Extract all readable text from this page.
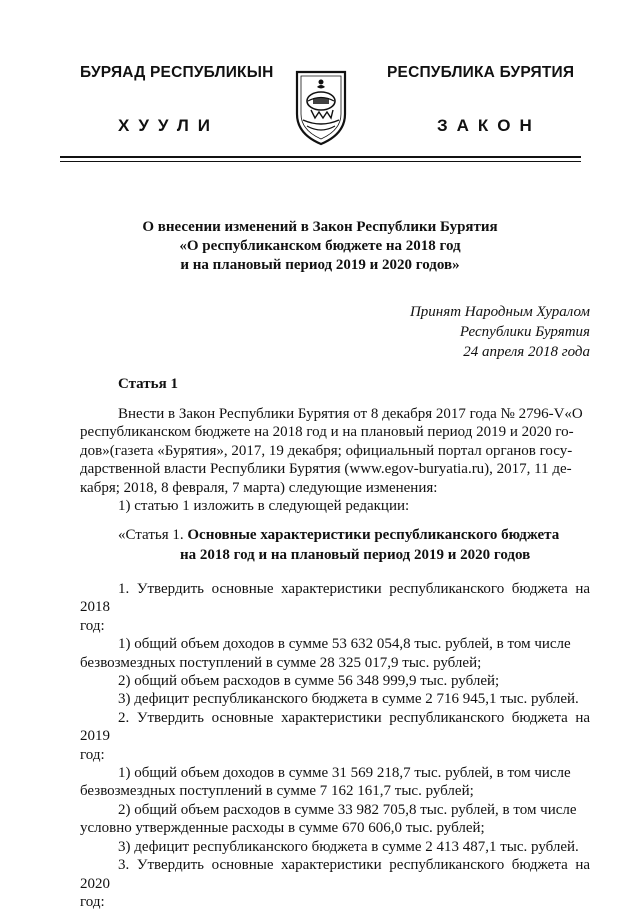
БУРЯАД РЕСПУБЛИКЫН
ХУУЛИ
РЕСПУБЛИКА БУРЯТИЯ
ЗАКОН
О внесении изменений в Закон Республики Бурятия
«О республиканском бюджете на 2018 год
и на плановый период 2019 и 2020 годов»
Принят Народным Хуралом
Республики Бурятия
24 апреля 2018 года
Статья 1

Внести в Закон Республики Бурятия от 8 декабря 2017 года № 2796-V«О

республиканском бюджете на 2018 год и на плановый период 2019 и 2020 го-

дов»(газета «Бурятия», 2017, 19 декабря; официальный портал органов госу-

дарственной власти Республики Бурятия (www.egov-buryatia.ru), 2017, 11 де-

кабря; 2018, 8 февраля, 7 марта) следующие изменения:

1) статью 1 изложить в следующей редакции:

«Статья 1. Основные характеристики республиканского бюджета
на 2018 год и на плановый период 2019 и 2020 годов

1. Утвердить основные характеристики республиканского бюджета на 2018

год:

1) общий объем доходов в сумме 53 632 054,8 тыс. рублей, в том числе

безвозмездных поступлений в сумме 28 325 017,9 тыс. рублей;

2) общий объем расходов в сумме 56 348 999,9 тыс. рублей;

3) дефицит республиканского бюджета в сумме 2 716 945,1 тыс. рублей.

2. Утвердить основные характеристики республиканского бюджета на 2019

год:

1) общий объем доходов в сумме 31 569 218,7 тыс. рублей, в том числе

безвозмездных поступлений в сумме 7 162 161,7 тыс. рублей;

2) общий объем расходов в сумме 33 982 705,8 тыс. рублей, в том числе

условно утвержденные расходы в сумме 670 606,0 тыс. рублей;

3) дефицит республиканского бюджета в сумме 2 413 487,1 тыс. рублей.

3. Утвердить основные характеристики республиканского бюджета на 2020

год:
